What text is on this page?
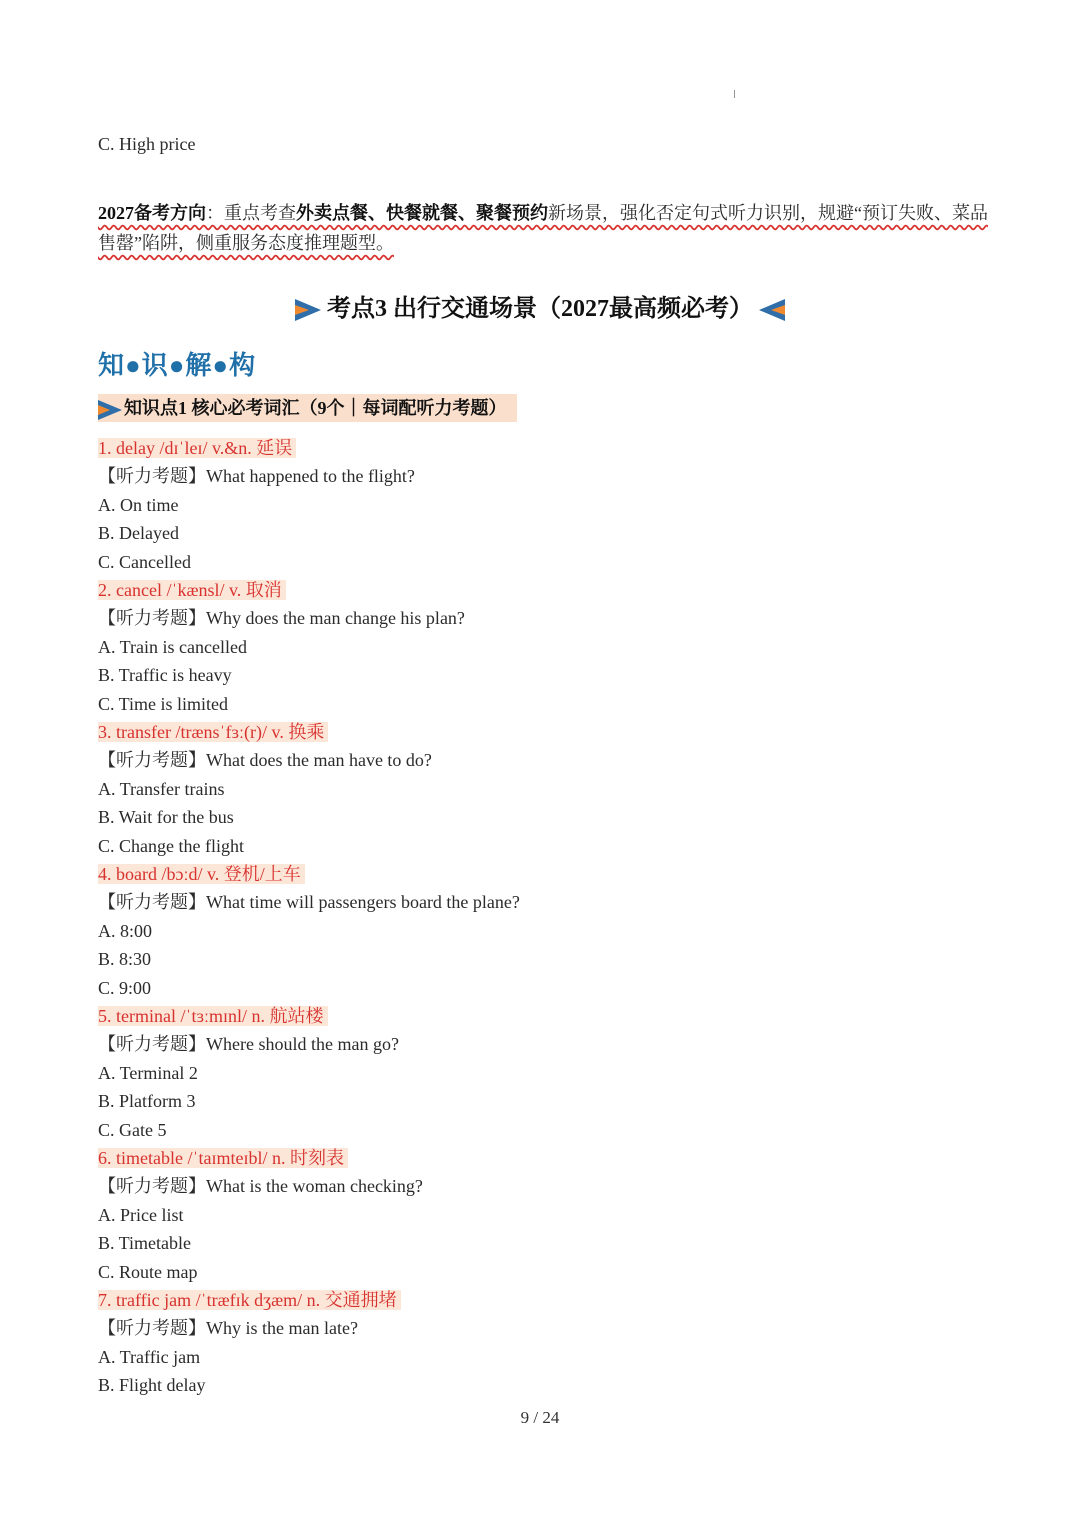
C. High price
2027备考方向：重点考查外卖点餐、快餐就餐、聚餐预约新场景，强化否定句式听力识别，规避“预订失败、菜品售罄”陷阱，侧重服务态度推理题型。
考点3 出行交通场景（2027最高频必考）
知●识●解●构
知识点1 核心必考词汇（9个｜每词配听力考题）
1. delay /dɪˈleɪ/ v.&n. 延误
【听力考题】What happened to the flight?
A. On time
B. Delayed
C. Cancelled
2. cancel /ˈkænsl/ v. 取消
【听力考题】Why does the man change his plan?
A. Train is cancelled
B. Traffic is heavy
C. Time is limited
3. transfer /trænsˈfɜː(r)/ v. 换乘
【听力考题】What does the man have to do?
A. Transfer trains
B. Wait for the bus
C. Change the flight
4. board /bɔːd/ v. 登机/上车
【听力考题】What time will passengers board the plane?
A. 8:00
B. 8:30
C. 9:00
5. terminal /ˈtɜːmɪnl/ n. 航站楼
【听力考题】Where should the man go?
A. Terminal 2
B. Platform 3
C. Gate 5
6. timetable /ˈtaɪmteɪbl/ n. 时刻表
【听力考题】What is the woman checking?
A. Price list
B. Timetable
C. Route map
7. traffic jam /ˈtræfɪk dʒæm/ n. 交通拥堵
【听力考题】Why is the man late?
A. Traffic jam
B. Flight delay
9 / 24
